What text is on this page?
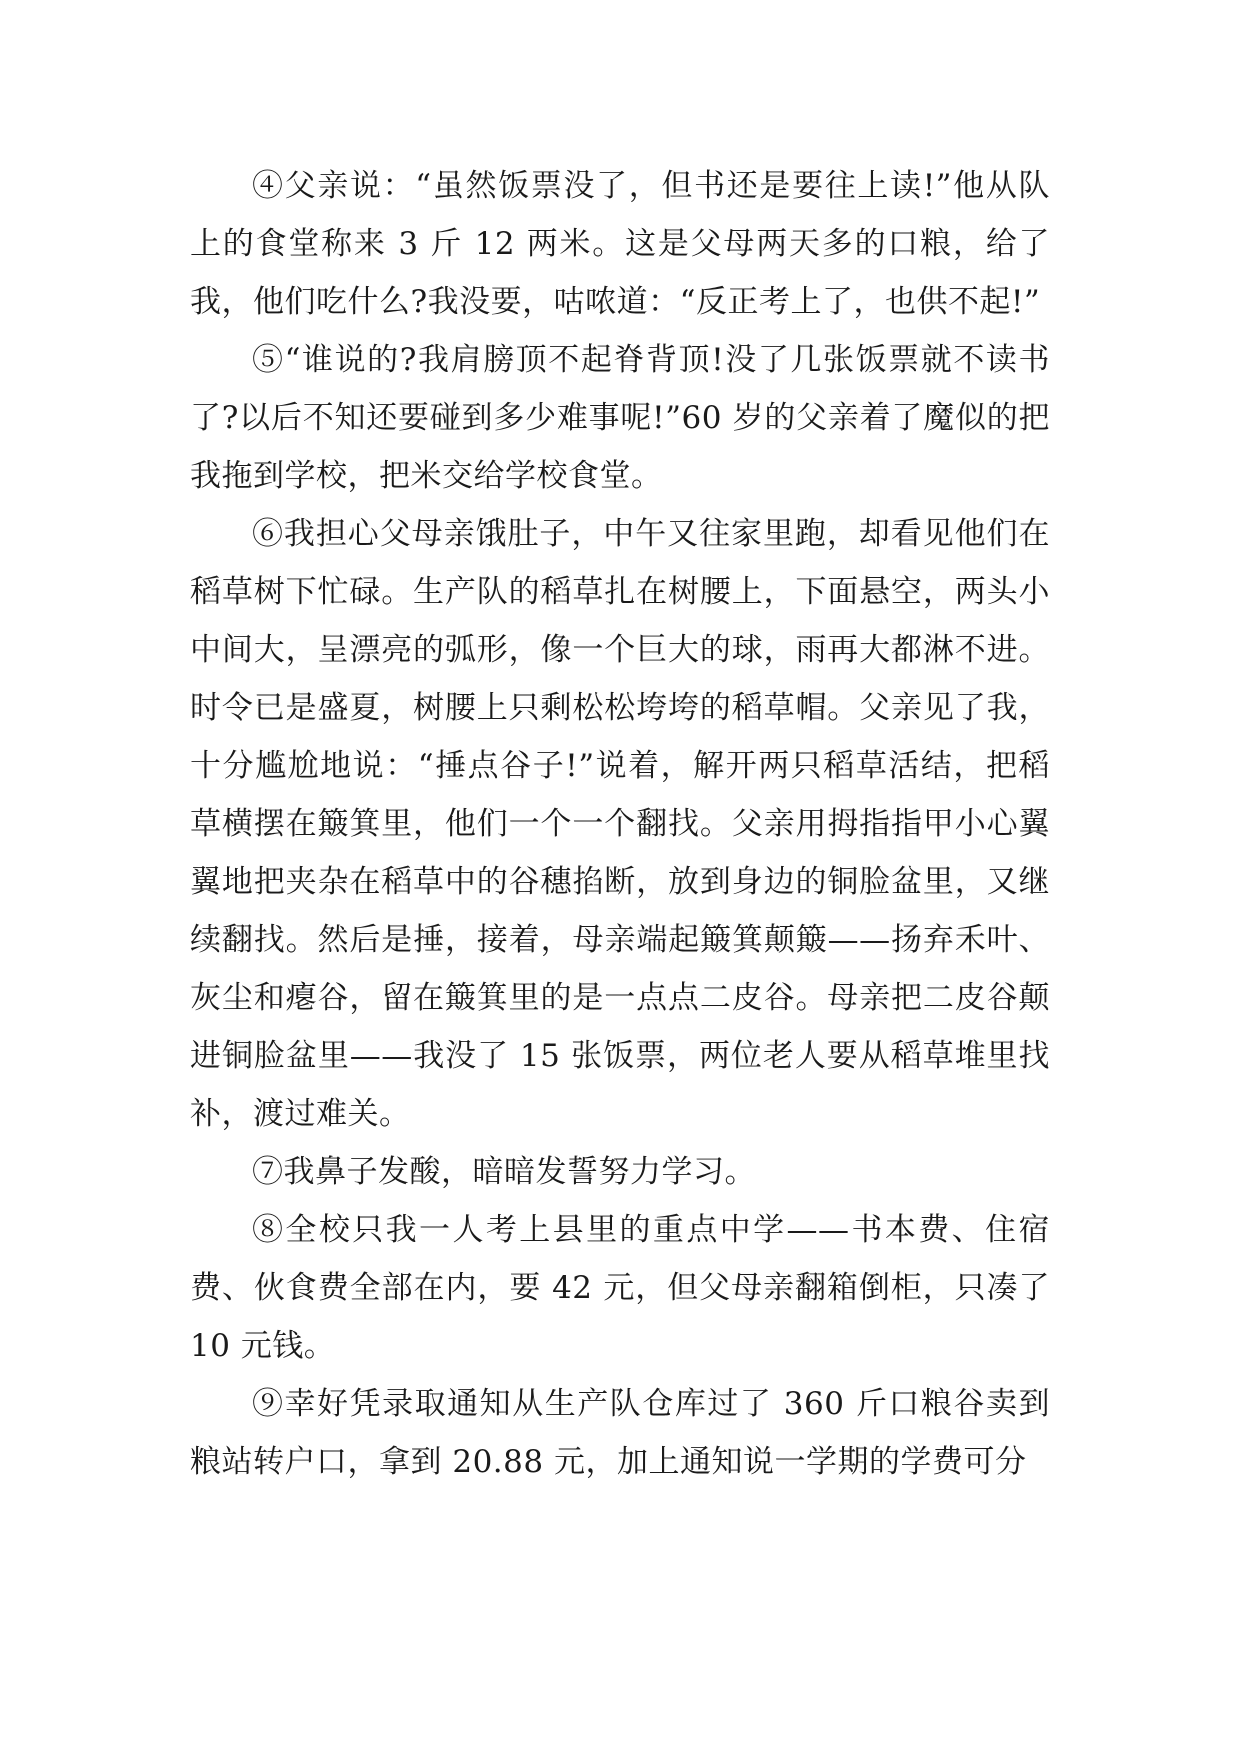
④父亲说：“虽然饭票没了，但书还是要往上读!”他从队上的食堂称来 3 斤 12 两米。这是父母两天多的口粮，给了我，他们吃什么?我没要，咕哝道：“反正考上了，也供不起!”

⑤“谁说的?我肩膀顶不起脊背顶!没了几张饭票就不读书了?以后不知还要碰到多少难事呢!”60 岁的父亲着了魔似的把我拖到学校，把米交给学校食堂。

⑥我担心父母亲饿肚子，中午又往家里跑，却看见他们在稻草树下忙碌。生产队的稻草扎在树腰上，下面悬空，两头小中间大，呈漂亮的弧形，像一个巨大的球，雨再大都淋不进。时令已是盛夏，树腰上只剩松松垮垮的稻草帽。父亲见了我，十分尴尬地说：“捶点谷子!”说着，解开两只稻草活结，把稻草横摆在簸箕里，他们一个一个翻找。父亲用拇指指甲小心翼翼地把夹杂在稻草中的谷穗掐断，放到身边的铜脸盆里，又继续翻找。然后是捶，接着，母亲端起簸箕颠簸——扬弃禾叶、灰尘和瘪谷，留在簸箕里的是一点点二皮谷。母亲把二皮谷颠进铜脸盆里——我没了 15 张饭票，两位老人要从稻草堆里找补，渡过难关。

⑦我鼻子发酸，暗暗发誓努力学习。

⑧全校只我一人考上县里的重点中学——书本费、住宿费、伙食费全部在内，要 42 元，但父母亲翻箱倒柜，只凑了 10 元钱。

⑨幸好凭录取通知从生产队仓库过了 360 斤口粮谷卖到粮站转户口，拿到 20.88 元，加上通知说一学期的学费可分
